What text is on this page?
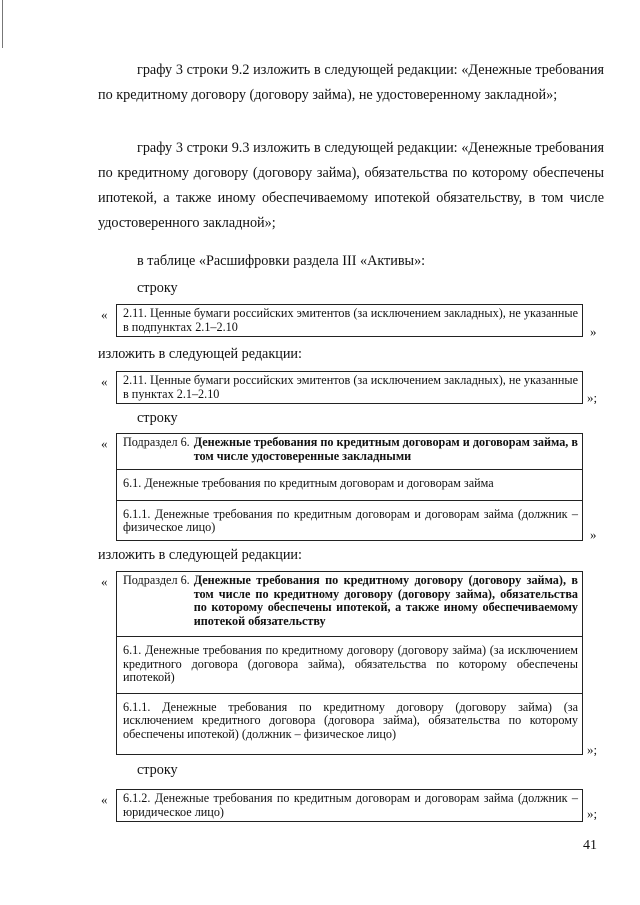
графу 3 строки 9.2 изложить в следующей редакции: «Денежные требования по кредитному договору (договору займа), не удостоверенному закладной»;

графу 3 строки 9.3 изложить в следующей редакции: «Денежные требования по кредитному договору (договору займа), обязательства по которому обеспечены ипотекой, а также иному обеспечиваемому ипотекой обязательству, в том числе удостоверенного закладной»;

в таблице «Расшифровки раздела III «Активы»:

строку

« 2.11. Ценные бумаги российских эмитентов (за исключением закладных), не указанные в подпунктах 2.1–2.10	»

изложить в следующей редакции:

« 2.11. Ценные бумаги российских эмитентов (за исключением закладных), не указанные в пунктах 2.1–2.10	»;

строку

« Подраздел 6. Денежные требования по кредитным договорам и договорам займа, в том числе удостоверенные закладными
6.1. Денежные требования по кредитным договорам и договорам займа
6.1.1. Денежные требования по кредитным договорам и договорам займа (должник – физическое лицо)	»

изложить в следующей редакции:

« Подраздел 6. Денежные требования по кредитному договору (договору займа), в том числе по кредитному договору (договору займа), обязательства по которому обеспечены ипотекой, а также иному обеспечиваемому ипотекой обязательству
6.1. Денежные требования по кредитному договору (договору займа) (за исключением кредитного договора (договора займа), обязательства по которому обеспечены ипотекой)
6.1.1. Денежные требования по кредитному договору (договору займа) (за исключением кредитного договора (договора займа), обязательства по которому обеспечены ипотекой) (должник – физическое лицо)
»;

строку

« 6.1.2. Денежные требования по кредитным договорам и договорам займа (должник – юридическое лицо)	»;
41
